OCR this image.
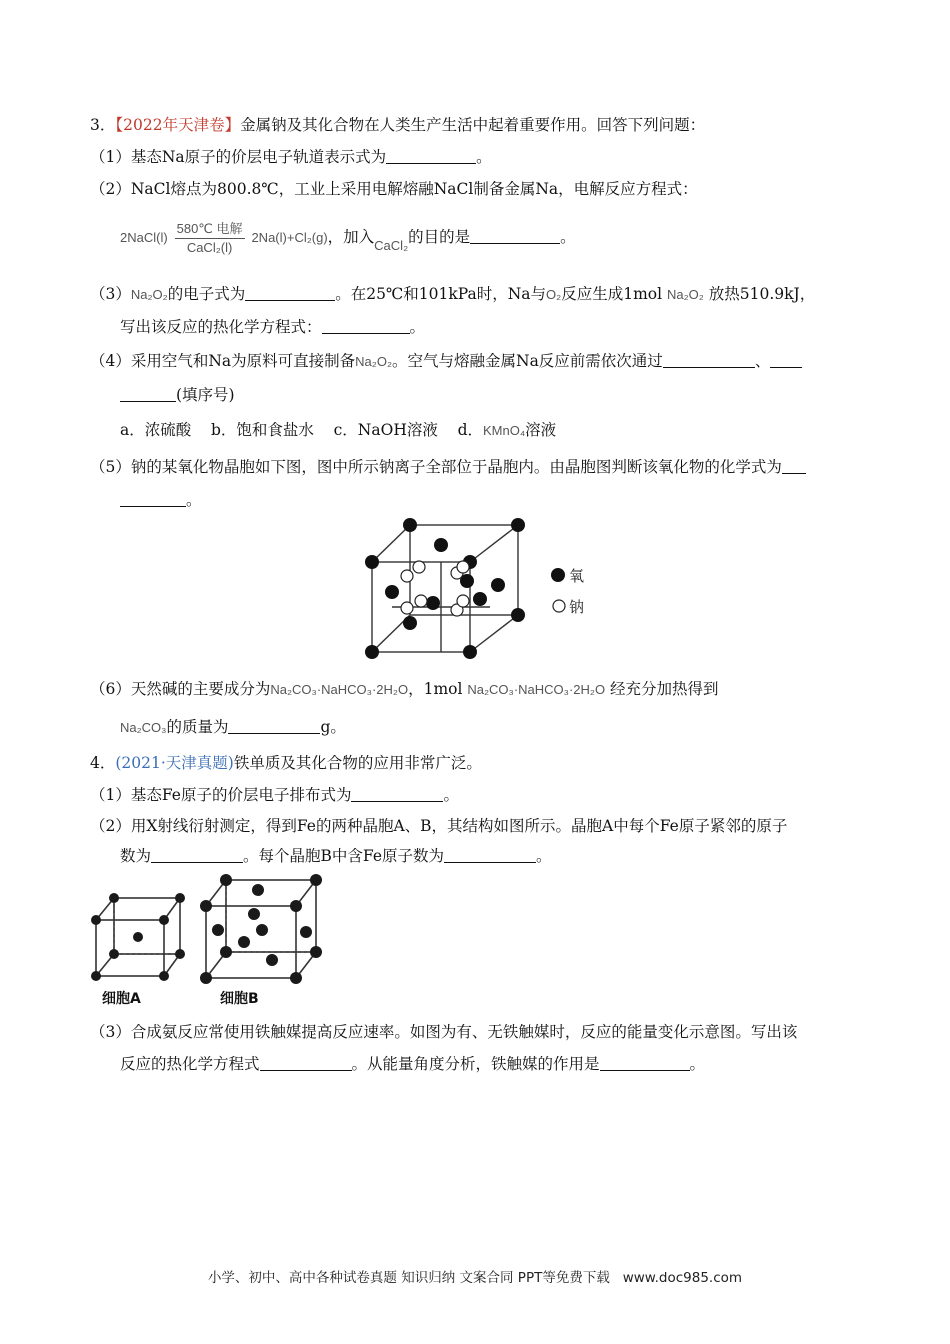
3．【2022年天津卷】金属钠及其化合物在人类生产生活中起着重要作用。回答下列问题：
（1）基态Na原子的价层电子轨道表示式为	。
（2）NaCl熔点为800.8℃，工业上采用电解熔融NaCl制备金属Na，电解反应方程式：
2NaCl(l) $\frac{\text{580℃ 电解}}{\text{CaCl₂(l)}} 2Na(l)+Cl_2(g)$，加入$_{CaCl_2}$的目的是	。
（3）Na₂O₂的电子式为	。在25℃和101kPa时，Na与O₂反应生成1mol Na₂O₂ 放热510.9kJ，
写出该反应的热化学方程式：	。
（4）采用空气和Na为原料可直接制备Na₂O₂。空气与熔融金属Na反应前需依次通过	、
(填序号)
a．浓硫酸 b．饱和食盐水 c．NaOH溶液 d．KMnO₄溶液
（5）钠的某氧化物晶胞如下图，图中所示钠离子全部位于晶胞内。由晶胞图判断该氧化物的化学式为
。
氧
钠
（6）天然碱的主要成分为Na₂CO₃·NaHCO₃·2H₂O，1mol Na₂CO₃·NaHCO₃·2H₂O 经充分加热得到
Na₂CO₃的质量为	g。
4．(2021·天津真题)铁单质及其化合物的应用非常广泛。
（1）基态Fe原子的价层电子排布式为	。
（2）用X射线衍射测定，得到Fe的两种晶胞A、B，其结构如图所示。晶胞A中每个Fe原子紧邻的原子
数为	。每个晶胞B中含Fe原子数为	。
细胞A	细胞B
（3）合成氨反应常使用铁触媒提高反应速率。如图为有、无铁触媒时，反应的能量变化示意图。写出该
反应的热化学方程式	。从能量角度分析，铁触媒的作用是	。
小学、初中、高中各种试卷真题 知识归纳 文案合同 PPT等免费下载 www.doc985.com
